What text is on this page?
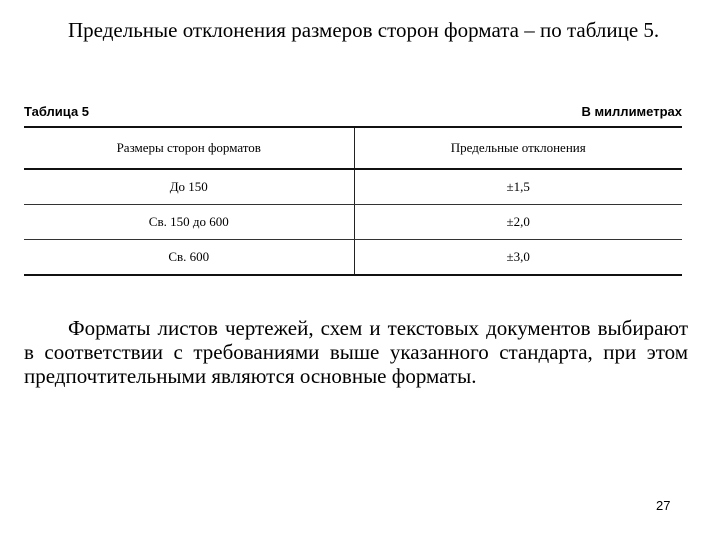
Предельные отклонения размеров сторон формата – по таблице 5.

Таблица 5	В миллиметрах
Размеры сторон форматов	Предельные отклонения
До 150	±1,5
Св. 150 до 600	±2,0
Св. 600	±3,0

Форматы листов чертежей, схем и текстовых документов выбирают в соответствии с требованиями выше указанного стандарта, при этом предпочтительными являются основные форматы.

27
